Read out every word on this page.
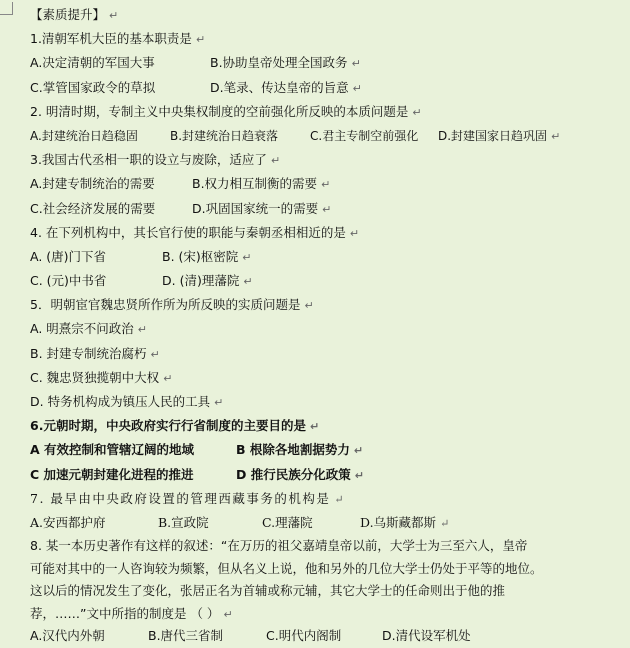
【素质提升】 ↵
1.清朝军机大臣的基本职责是 ↵
A.决定清朝的军国大事	B.协助皇帝处理全国政务 ↵
C.掌管国家政令的草拟	D.笔录、传达皇帝的旨意 ↵
2. 明清时期，专制主义中央集权制度的空前强化所反映的本质问题是 ↵
A.封建统治日趋稳固	B.封建统治日趋衰落	C.君主专制空前强化 D.封建国家日趋巩固 ↵
3.我国古代丞相一职的设立与废除，适应了 ↵
A.封建专制统治的需要	B.权力相互制衡的需要 ↵
C.社会经济发展的需要	D.巩固国家统一的需要 ↵
4. 在下列机构中，其长官行使的职能与秦朝丞相相近的是 ↵
A. (唐)门下省	B. (宋)枢密院 ↵
C. (元)中书省	D. (清)理藩院 ↵
5．明朝宦官魏忠贤所作所为所反映的实质问题是 ↵
A. 明熹宗不问政治 ↵
B. 封建专制统治腐朽 ↵
C. 魏忠贤独揽朝中大权 ↵
D. 特务机构成为镇压人民的工具 ↵
6.元朝时期，中央政府实行行省制度的主要目的是 ↵
A 有效控制和管辖辽阔的地域	B 根除各地割据势力 ↵
C 加速元朝封建化进程的推进	D 推行民族分化政策 ↵
7. 最早由中央政府设置的管理西藏事务的机构是 ↵
A.安西都护府	B.宣政院	C.理藩院	D.乌斯藏都斯 ↵
8. 某一本历史著作有这样的叙述：“在万历的祖父嘉靖皇帝以前，大学士为三至六人，皇帝
可能对其中的一人咨询较为频繁，但从名义上说，他和另外的几位大学士仍处于平等的地位。
这以后的情况发生了变化，张居正名为首辅或称元辅，其它大学士的任命则出于他的推
荐，……”文中所指的制度是 （ ） ↵
A.汉代内外朝	B.唐代三省制	C.明代内阁制	D.清代设军机处
